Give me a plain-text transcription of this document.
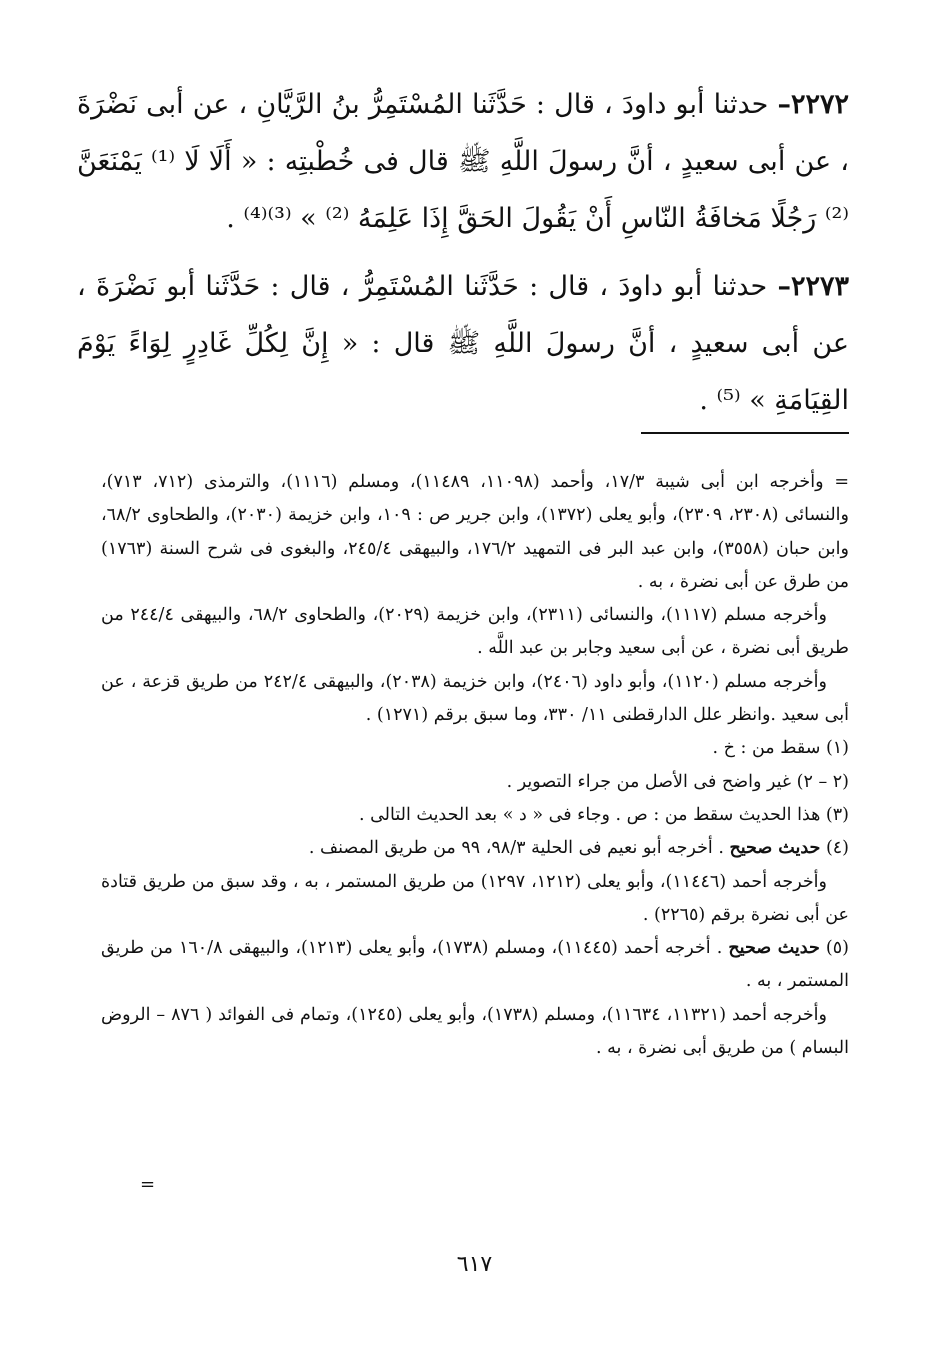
٢٢٧٢– حدثنا أبو داودَ ، قال : حَدَّثَنا المُسْتَمِرُّ بنُ الرَّيَّانِ ، عن أبى نَضْرَةَ ، عن أبى سعيدٍ ، أنَّ رسولَ اللَّهِ ﷺ قال فى خُطْبتِه : « أَلَا لَا ⁽¹⁾ يَمْنَعَنَّ ⁽²⁾ رَجُلًا مَخافَةُ النّاسِ أَنْ يَقُولَ الحَقَّ إِذَا عَلِمَهُ ⁽²⁾ » ⁽³⁾⁽⁴⁾ .
٢٢٧٣– حدثنا أبو داودَ ، قال : حَدَّثَنا المُسْتَمِرُّ ، قال : حَدَّثَنا أبو نَضْرَةَ ، عن أبى سعيدٍ ، أنَّ رسولَ اللَّهِ ﷺ قال : « إِنَّ لِكُلِّ غَادِرٍ لِوَاءً يَوْمَ القِيَامَةِ » ⁽⁵⁾ .

= وأخرجه ابن أبى شيبة ١٧/٣، وأحمد (١١٠٩٨، ١١٤٨٩)، ومسلم (١١١٦)، والترمذى (٧١٢، ٧١٣)، والنسائى (٢٣٠٨، ٢٣٠٩)، وأبو يعلى (١٣٧٢)، وابن جرير ص : ١٠٩، وابن خزيمة (٢٠٣٠)، والطحاوى ٦٨/٢، وابن حبان (٣٥٥٨)، وابن عبد البر فى التمهيد ١٧٦/٢، والبيهقى ٢٤٥/٤، والبغوى فى شرح السنة (١٧٦٣) من طرق عن أبى نضرة ، به .

وأخرجه مسلم (١١١٧)، والنسائى (٢٣١١)، وابن خزيمة (٢٠٢٩)، والطحاوى ٦٨/٢، والبيهقى ٢٤٤/٤ من طريق أبى نضرة ، عن أبى سعيد وجابر بن عبد اللَّه .

وأخرجه مسلم (١١٢٠)، وأبو داود (٢٤٠٦)، وابن خزيمة (٢٠٣٨)، والبيهقى ٢٤٢/٤ من طريق قزعة ، عن أبى سعيد .وانظر علل الدارقطنى ١١/ ٣٣٠، وما سبق برقم (١٢٧١) .

(١) سقط من : خ .

(٢ – ٢) غير واضح فى الأصل من جراء التصوير .

(٣) هذا الحديث سقط من : ص . وجاء فى « د » بعد الحديث التالى .

(٤) حديث صحيح . أخرجه أبو نعيم فى الحلية ٩٨/٣، ٩٩ من طريق المصنف .

وأخرجه أحمد (١١٤٤٦)، وأبو يعلى (١٢١٢، ١٢٩٧) من طريق المستمر ، به ، وقد سبق من طريق قتادة عن أبى نضرة برقم (٢٢٦٥) .

(٥) حديث صحيح . أخرجه أحمد (١١٤٤٥)، ومسلم (١٧٣٨)، وأبو يعلى (١٢١٣)، والبيهقى ١٦٠/٨ من طريق المستمر ، به .

وأخرجه أحمد (١١٣٢١، ١١٦٣٤)، ومسلم (١٧٣٨)، وأبو يعلى (١٢٤٥)، وتمام فى الفوائد ( ٨٧٦ – الروض البسام ) من طريق أبى نضرة ، به .

=
٦١٧
